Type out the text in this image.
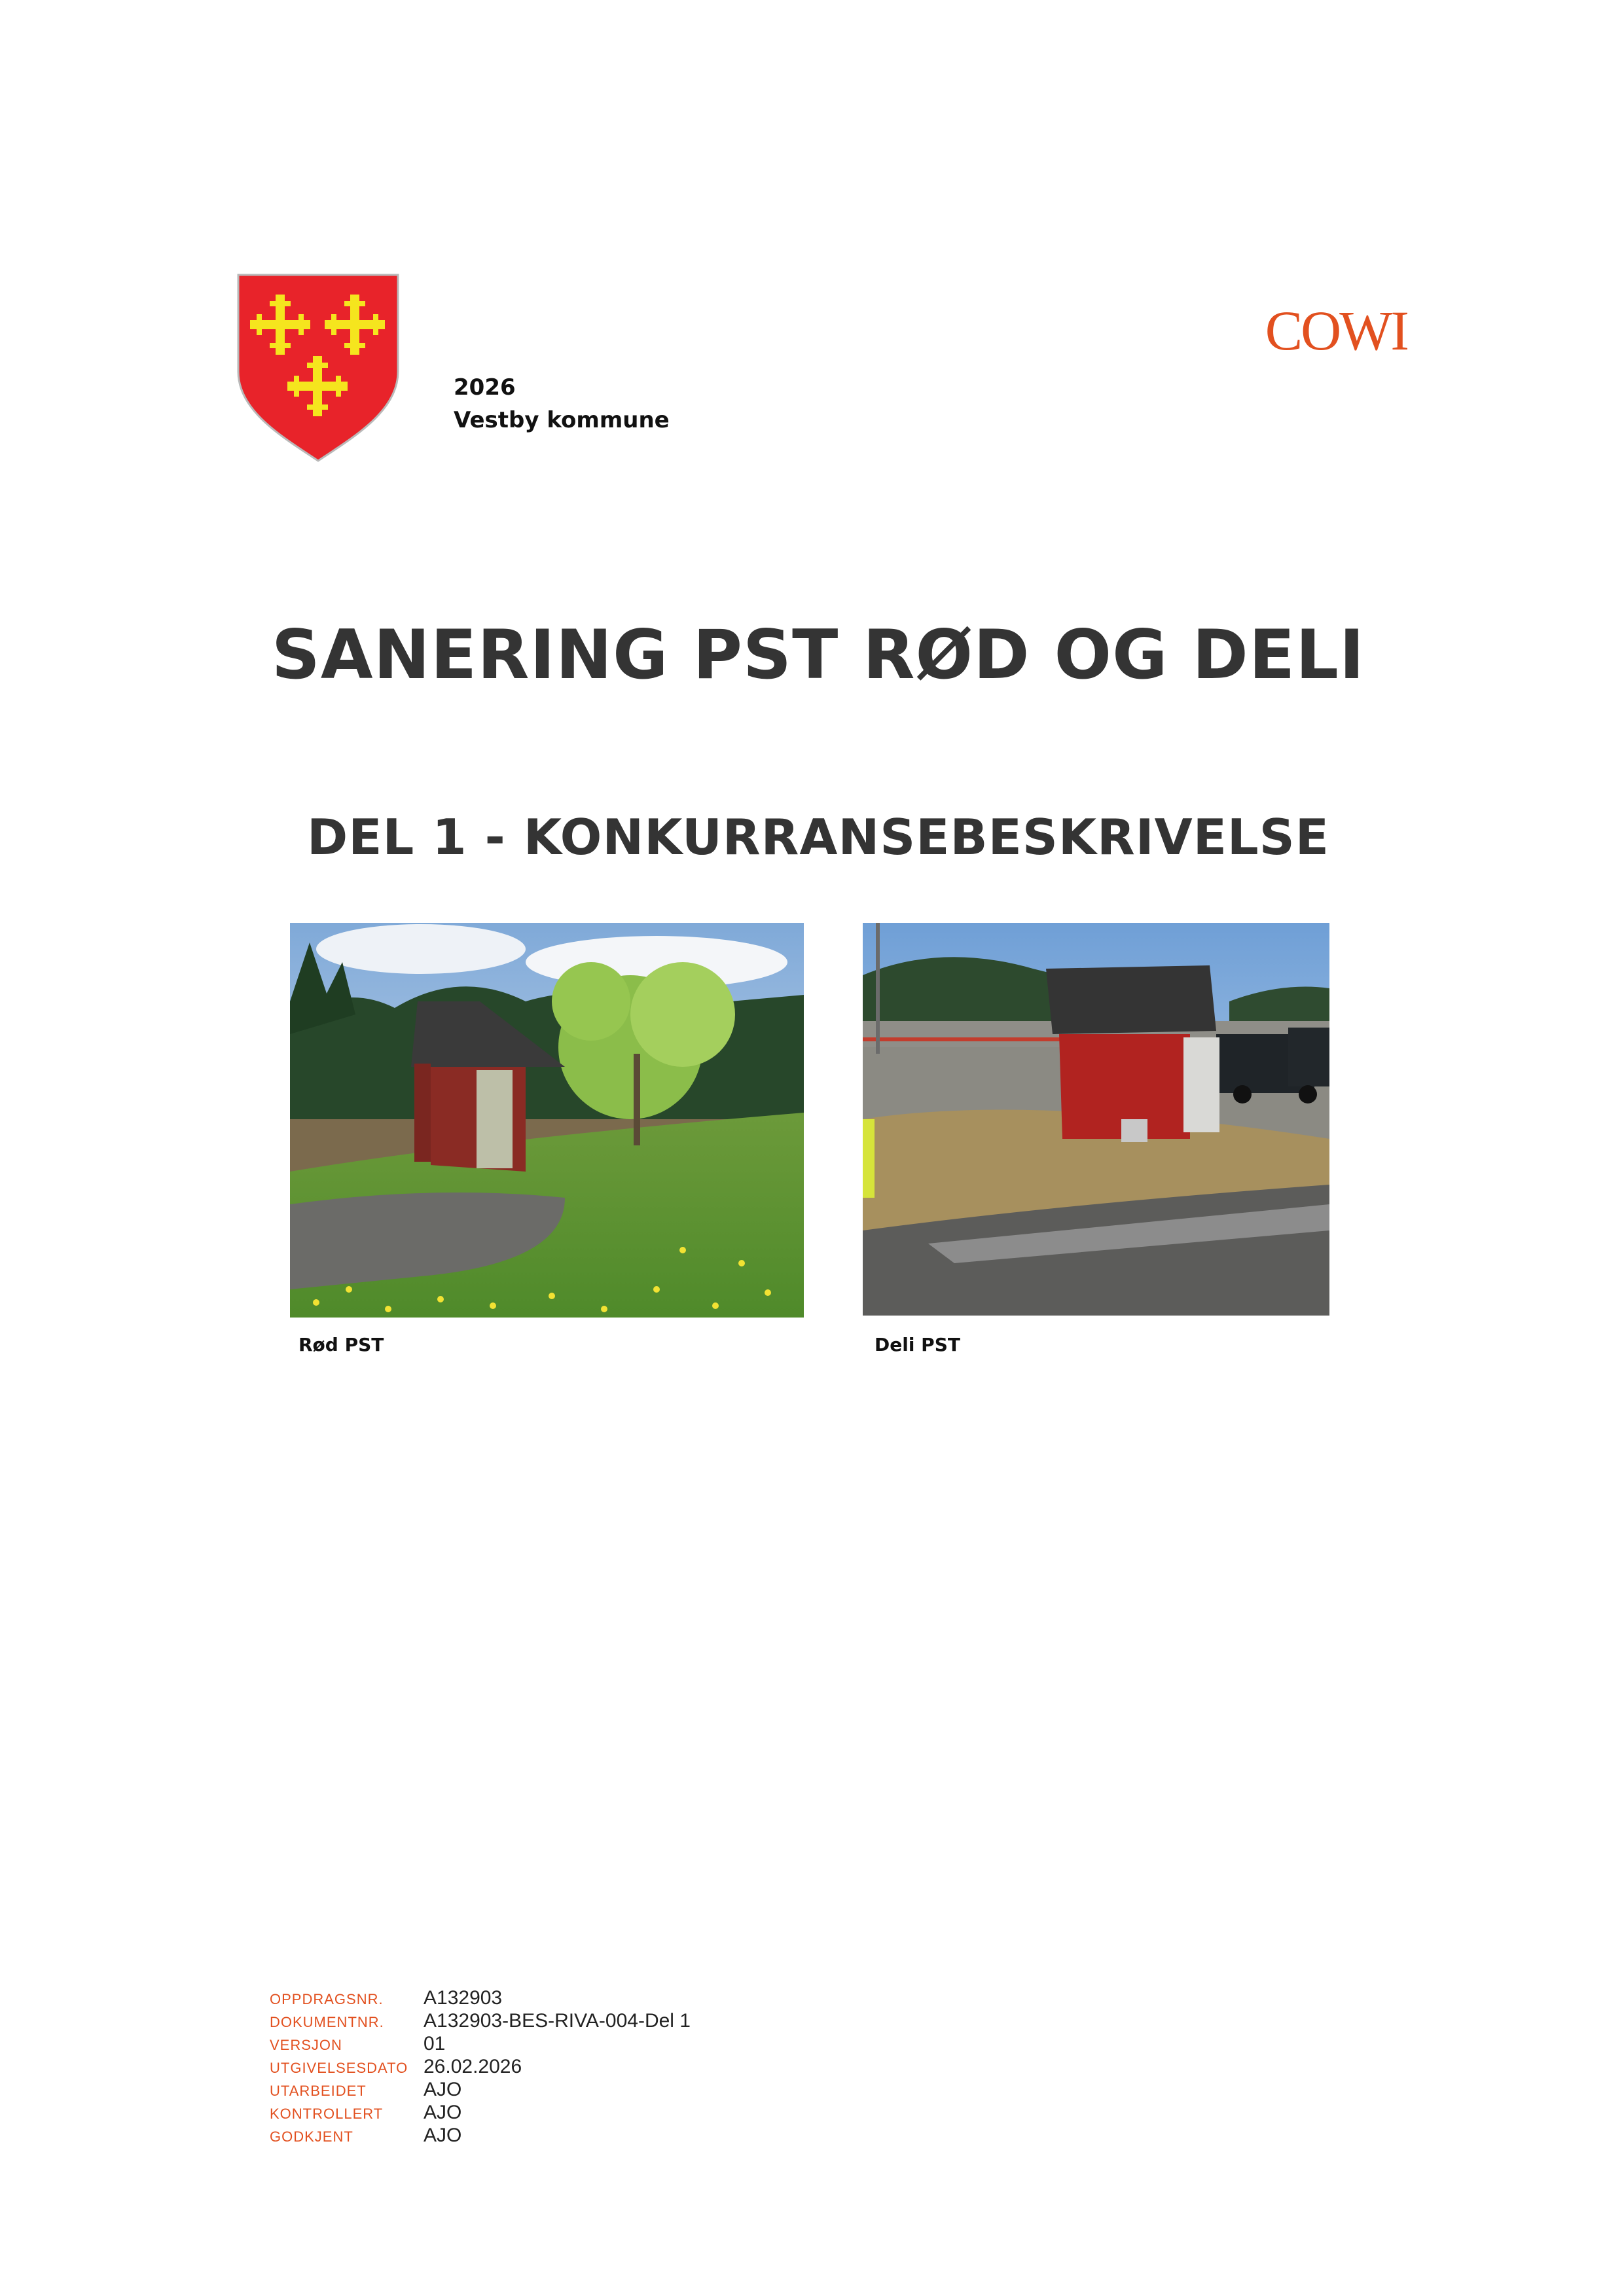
2026
Vestby kommune
COWI
SANERING PST RØD OG DELI
DEL 1 - KONKURRANSEBESKRIVELSE
Rød PST	Deli PST
OPPDRAGSNR. A132903
DOKUMENTNR. A132903-BES-RIVA-004-Del 1
VERSJON	01
UTGIVELSESDATO 26.02.2026
UTARBEIDET	AJO
KONTROLLERT AJO
GODKJENT	AJO
